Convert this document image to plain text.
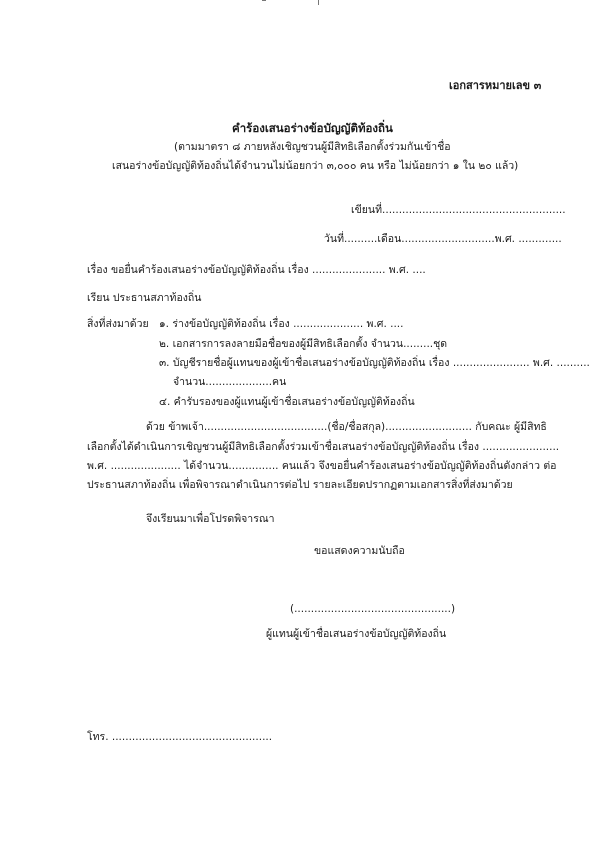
เอกสารหมายเลข ๓
คำร้องเสนอร่างข้อบัญญัติท้องถิ่น
(ตามมาตรา ๘ ภายหลังเชิญชวนผู้มีสิทธิเลือกตั้งร่วมกันเข้าชื่อ
เสนอร่างข้อบัญญัติท้องถิ่นได้จำนวนไม่น้อยกว่า ๓,๐๐๐ คน หรือ ไม่น้อยกว่า ๑ ใน ๒๐ แล้ว)
เขียนที่.......................................................
วันที่..........เดือน............................พ.ศ. .............
เรื่อง ขอยื่นคำร้องเสนอร่างข้อบัญญัติท้องถิ่น เรื่อง ...................... พ.ศ. ....
เรียน ประธานสภาท้องถิ่น
สิ่งที่ส่งมาด้วย ๑. ร่างข้อบัญญัติท้องถิ่น เรื่อง ..................... พ.ศ. ....
๒. เอกสารการลงลายมือชื่อของผู้มีสิทธิเลือกตั้ง จำนวน.........ชุด
๓. บัญชีรายชื่อผู้แทนของผู้เข้าชื่อเสนอร่างข้อบัญญัติท้องถิ่น เรื่อง ....................... พ.ศ. ..........
จำนวน....................คน
๔. คำรับรองของผู้แทนผู้เข้าชื่อเสนอร่างข้อบัญญัติท้องถิ่น
ด้วย ข้าพเจ้า.....................................(ชื่อ/ชื่อสกุล).......................... กับคณะ ผู้มีสิทธิ
เลือกตั้งได้ดำเนินการเชิญชวนผู้มีสิทธิเลือกตั้งร่วมเข้าชื่อเสนอร่างข้อบัญญัติท้องถิ่น เรื่อง .......................
พ.ศ. ..................... ได้จำนวน............... คนแล้ว จึงขอยื่นคำร้องเสนอร่างข้อบัญญัติท้องถิ่นดังกล่าว ต่อ
ประธานสภาท้องถิ่น เพื่อพิจารณาดำเนินการต่อไป รายละเอียดปรากฏตามเอกสารสิ่งที่ส่งมาด้วย
จึงเรียนมาเพื่อโปรดพิจารณา
ขอแสดงความนับถือ
(...............................................)
ผู้แทนผู้เข้าชื่อเสนอร่างข้อบัญญัติท้องถิ่น
โทร. ................................................
